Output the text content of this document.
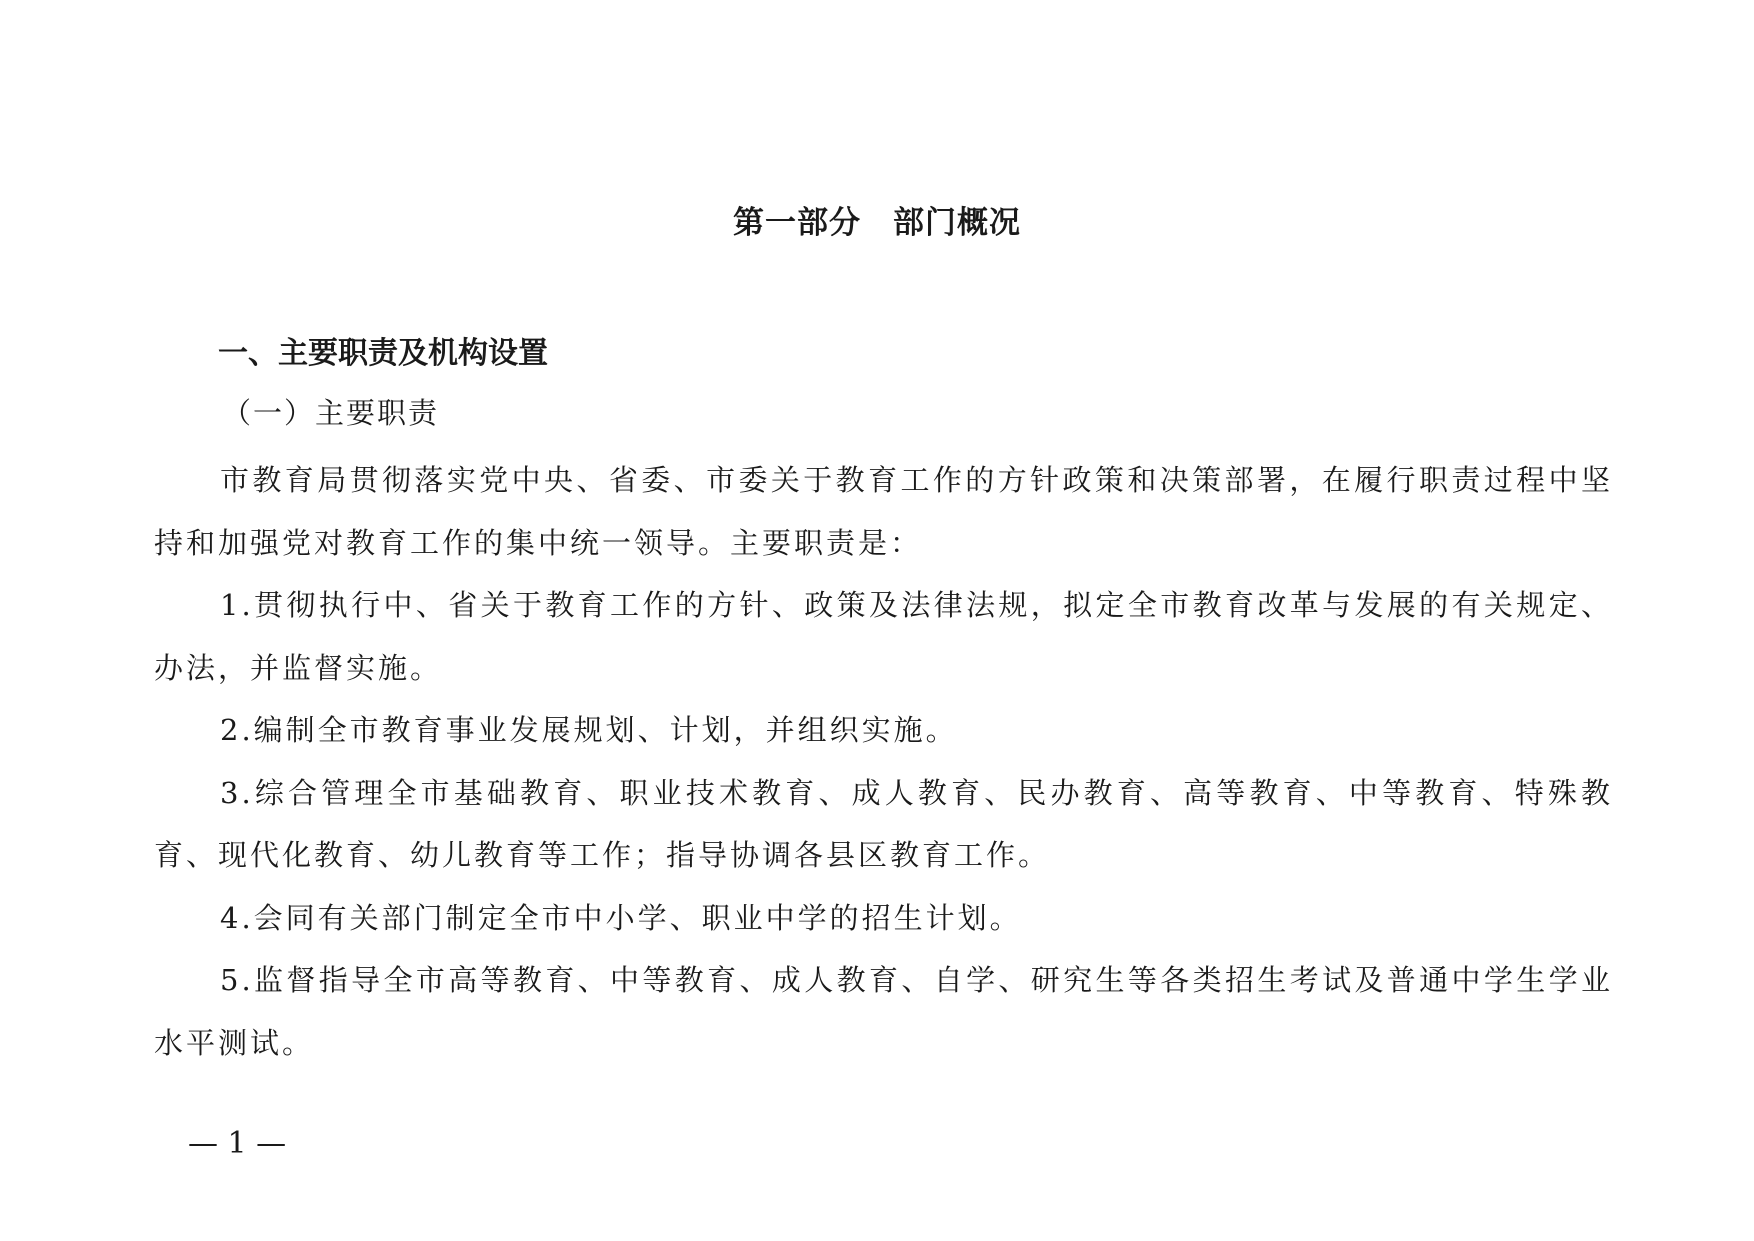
第一部分　部门概况
一、主要职责及机构设置
（一）主要职责

市教育局贯彻落实党中央、省委、市委关于教育工作的方针政策和决策部署，在履行职责过程中坚持和加强党对教育工作的集中统一领导。主要职责是：

1.贯彻执行中、省关于教育工作的方针、政策及法律法规，拟定全市教育改革与发展的有关规定、办法，并监督实施。

2.编制全市教育事业发展规划、计划，并组织实施。

3.综合管理全市基础教育、职业技术教育、成人教育、民办教育、高等教育、中等教育、特殊教育、现代化教育、幼儿教育等工作；指导协调各县区教育工作。

4.会同有关部门制定全市中小学、职业中学的招生计划。

5.监督指导全市高等教育、中等教育、成人教育、自学、研究生等各类招生考试及普通中学生学业水平测试。

— 1 —
